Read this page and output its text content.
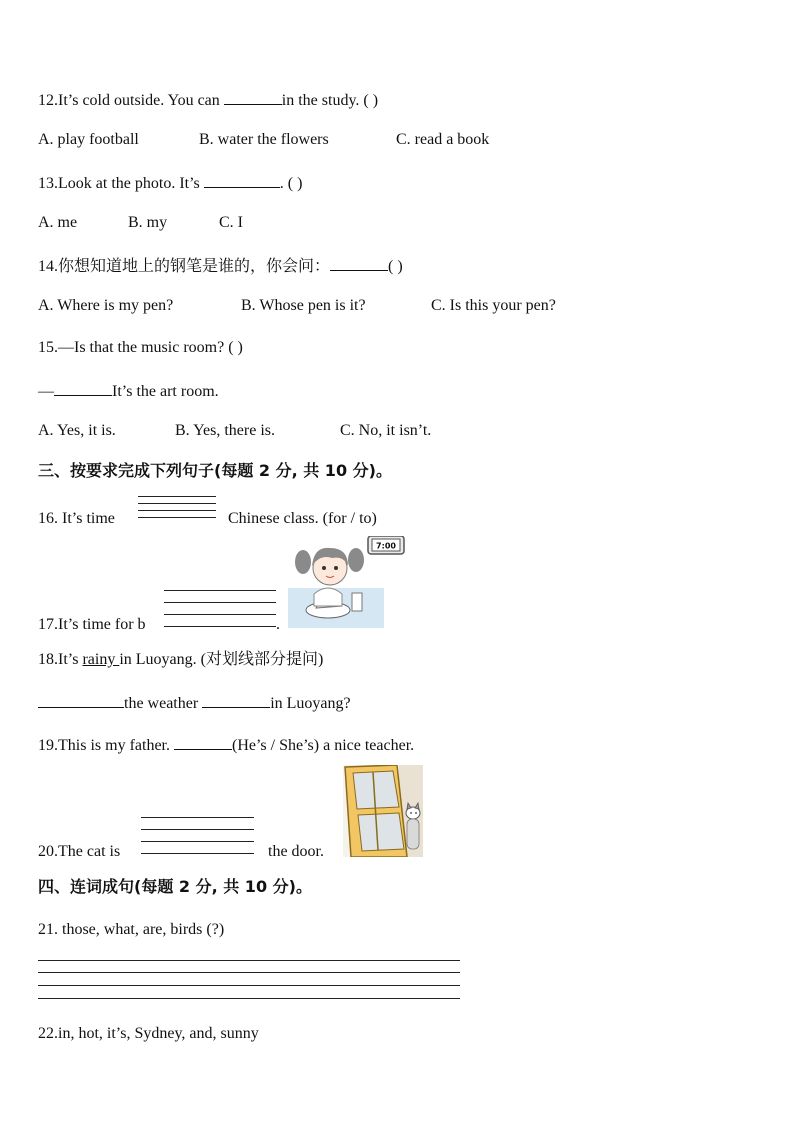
12.It’s cold outside. You can	in the study. ( )
A. play football	B. water the flowers	C. read a book
13.Look at the photo. It’s	. ( )
A. me	B. my	C. I
14.你想知道地上的钢笔是谁的，你会问：	( )
A. Where is my pen?	B. Whose pen is it?	C. Is this your pen?
15.—Is that the music room? ( )
—	It’s the art room.
A. Yes, it is.	B. Yes, there is.	C. No, it isn’t.
三、按要求完成下列句子(每题 2 分, 共 10 分)。
16. It’s time	Chinese class. (for / to)
17.It’s time for b	.
7:00
18.It’s rainy in Luoyang. (对划线部分提问)
the weather	in Luoyang?
19.This is my father.	(He’s / She’s) a nice teacher.
20.The cat is	the door.
四、连词成句(每题 2 分, 共 10 分)。
21. those, what, are, birds (?)
22.in, hot, it’s, Sydney, and, sunny
